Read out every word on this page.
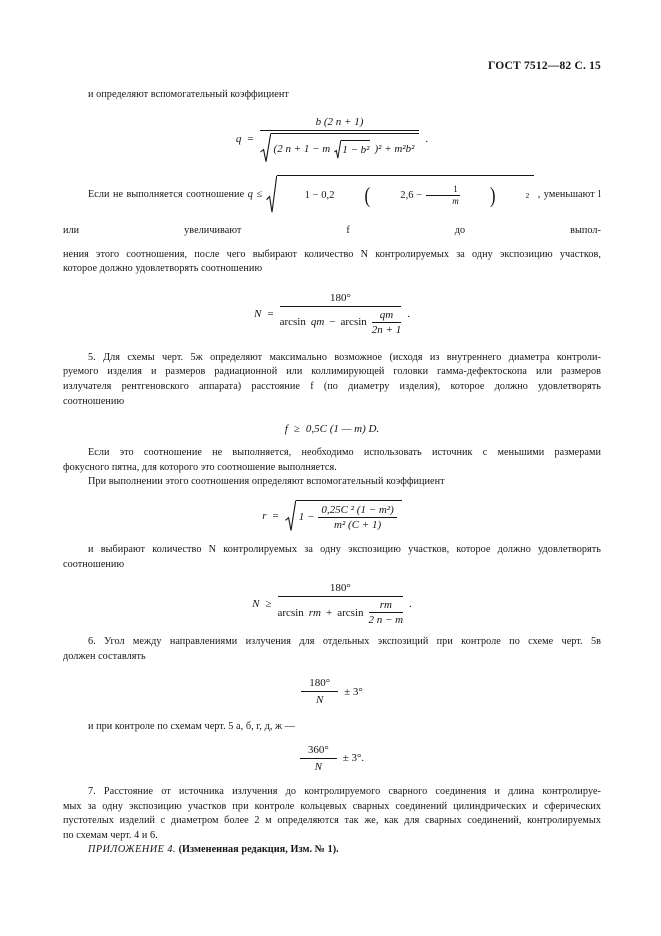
ГОСТ 7512—82 С. 15
и определяют вспомогательный коэффициент
q =
b (2 n + 1)
(2 n + 1 − m 1 − b² )² + m²b²
.
Если не выполняется соотношение q ≤	1 − 0,2	(	$2,6 - \frac{1}{m}$	)	2 , уменьшают l или увеличивают f до выпол-
нения этого соотношения, после чего выбирают количество N контролируемых за одну экспозицию участков,
которое должно удовлетворять соотношению
N =
180°
arcsin qm − $\arcsin \frac{qm}{2n + 1}$ .
5. Для схемы черт. 5ж определяют максимально возможное (исходя из внутреннего диаметра контроли-
руемого изделия и размеров радиационной или коллимирующей головки гамма-дефектоскопа или размеров
излучателя рентгеновского аппарата) расстояние f (по диаметру изделия), которое должно удовлетворять
соотношению
f ≥ 0,5C (1 — m) D.
Если это соотношение не выполняется, необходимо использовать источник с меньшими размерами
фокусного пятна, для которого это соотношение выполняется.
При выполнении этого соотношения определяют вспомогательный коэффициент
$r = 1 - \frac{\text{0,25C ² (1 − m²)}}{\text{m² (C + 1)}}$
и выбирают количество N контролируемых за одну экспозицию участков, которое должно удовлетворять
соотношению
N ≥
180°
arcsin rm + $\arcsin \frac{rm}{2 n - m}$ .
6. Угол между направлениями излучения для отдельных экспозиций при контроле по схеме черт. 5в
должен составлять
$\frac{180^\circ}{N} \pm 3^\circ$
и при контроле по схемам черт. 5 а, б, г, д, ж —
$\frac{360^\circ}{N} \pm 3^\circ$.
7. Расстояние от источника излучения до контролируемого сварного соединения и длина контролируе-
мых за одну экспозицию участков при контроле кольцевых сварных соединений цилиндрических и сферических
пустотелых изделий с диаметром более 2 м определяются так же, как для сварных соединений, контролируемых
по схемам черт. 4 и 6.
ПРИЛОЖЕНИЕ 4. (Измененная редакция, Изм. № 1).
